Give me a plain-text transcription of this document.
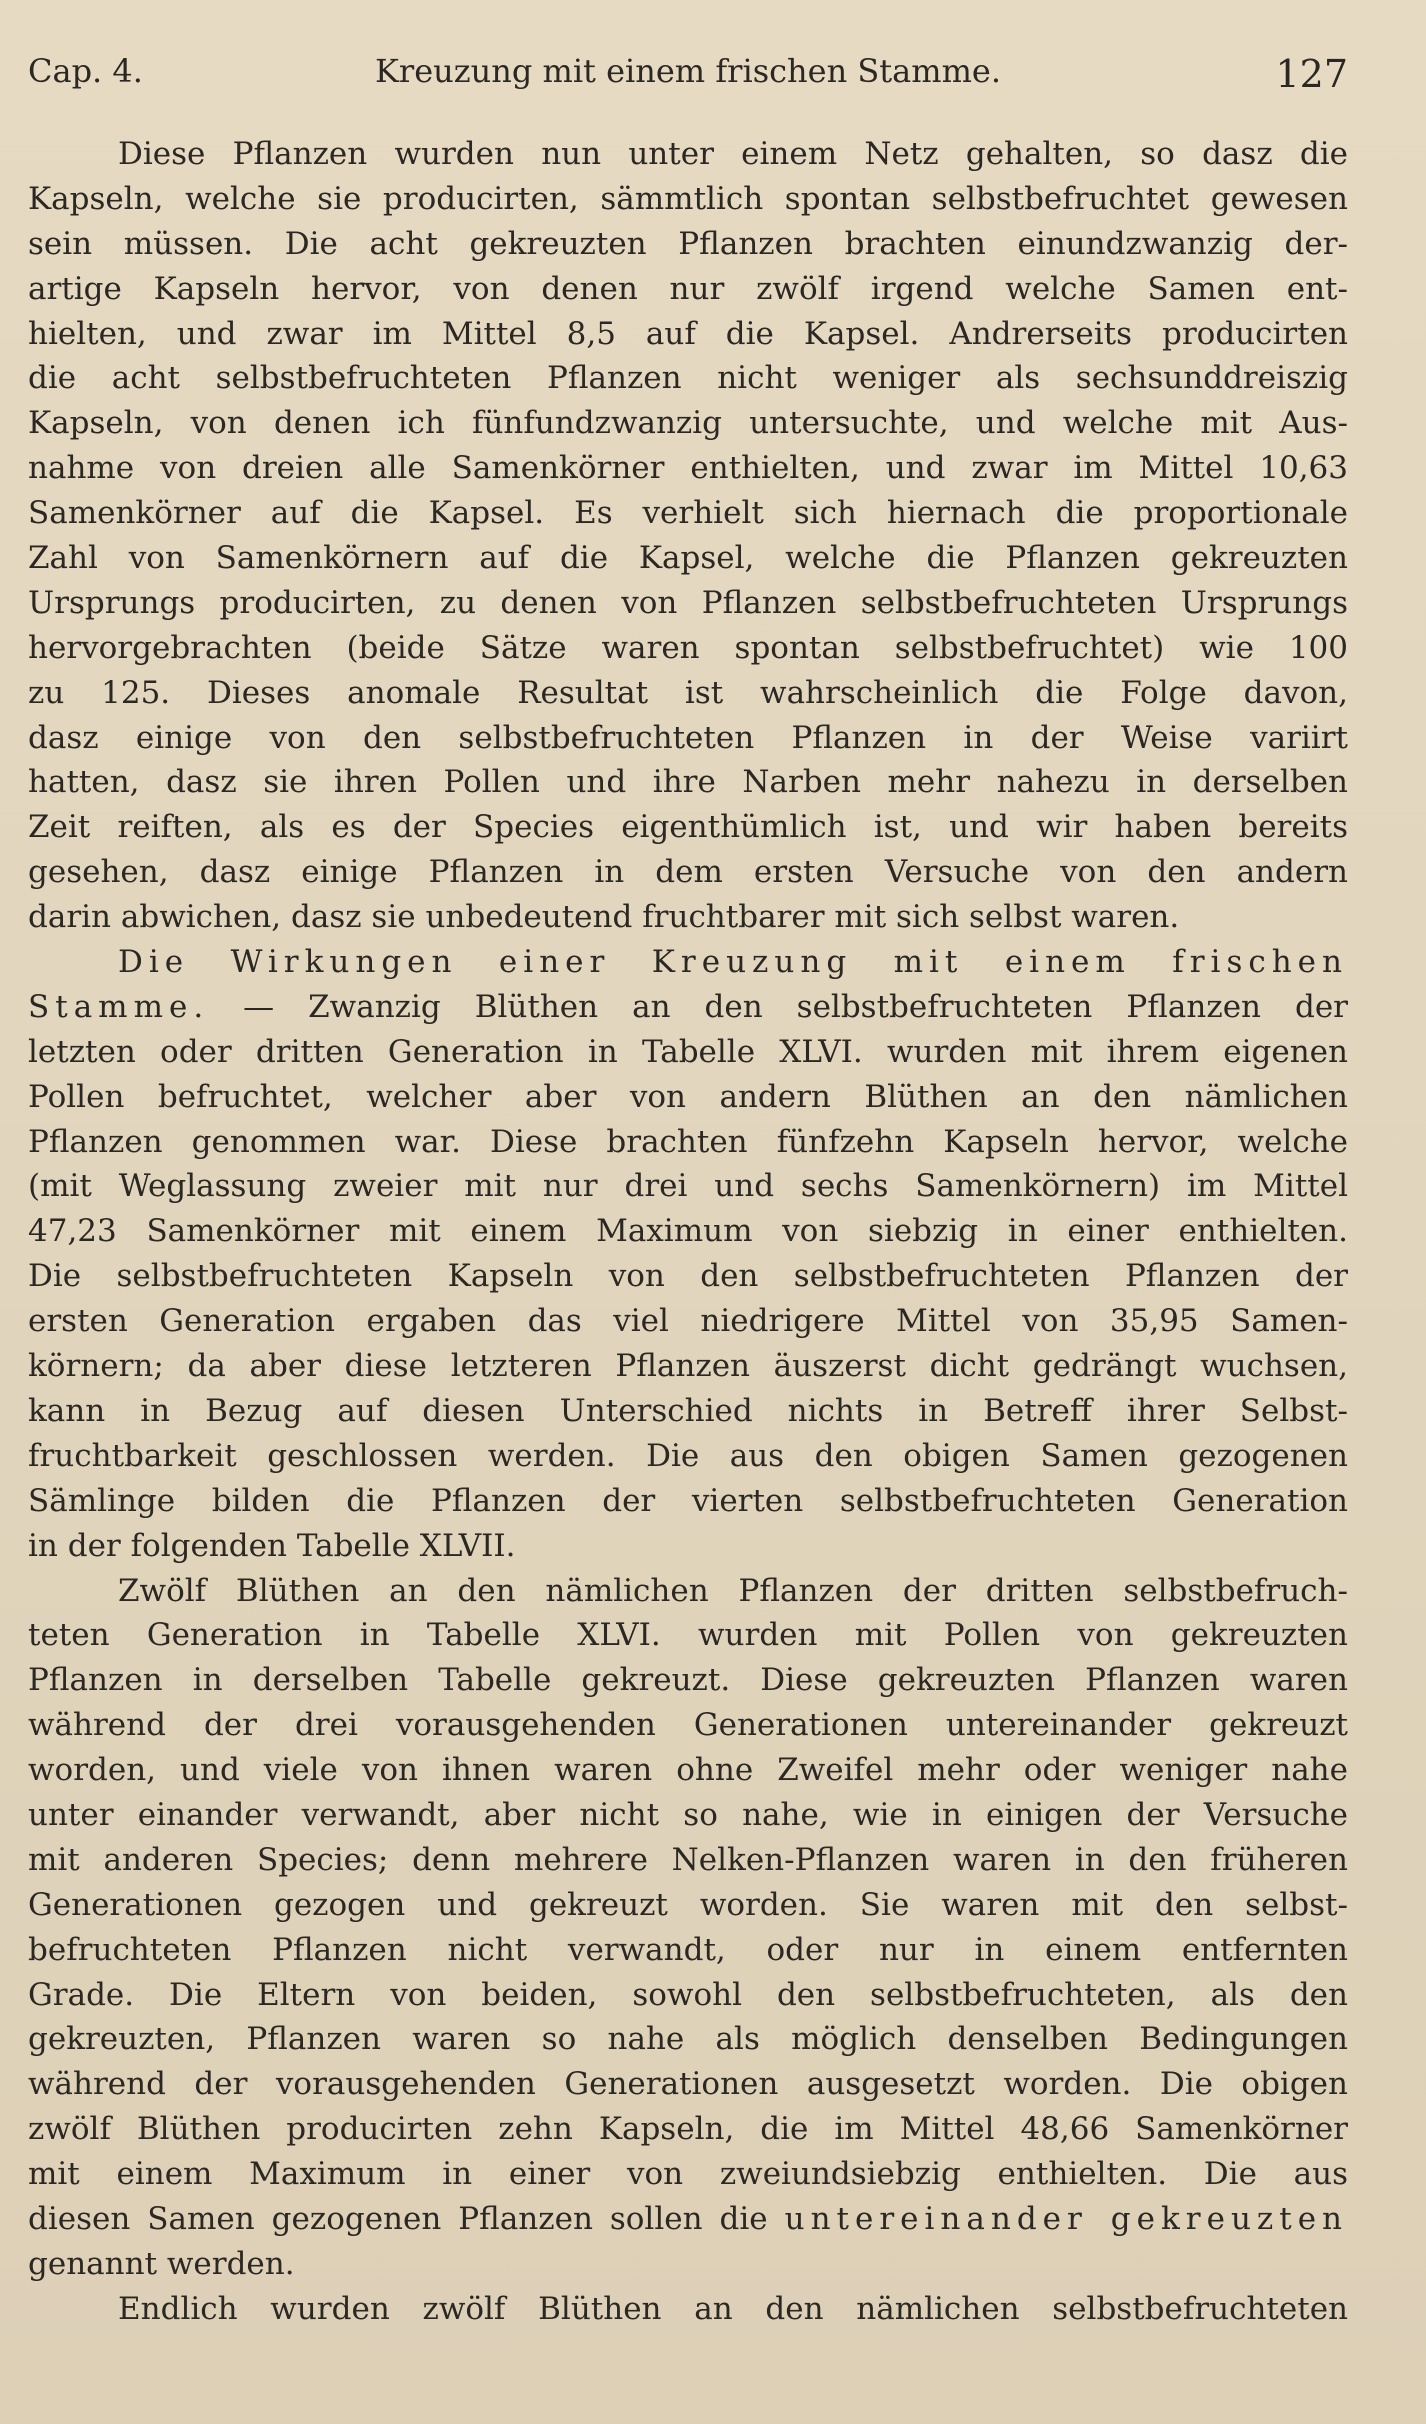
Cap. 4.	Kreuzung mit einem frischen Stamme.	127
Diese Pflanzen wurden nun unter einem Netz gehalten, so dasz die
Kapseln, welche sie producirten, sämmtlich spontan selbstbefruchtet gewesen
sein müssen. Die acht gekreuzten Pflanzen brachten einundzwanzig der-
artige Kapseln hervor, von denen nur zwölf irgend welche Samen ent-
hielten, und zwar im Mittel 8,5 auf die Kapsel. Andrerseits producirten
die acht selbstbefruchteten Pflanzen nicht weniger als sechsunddreiszig
Kapseln, von denen ich fünfundzwanzig untersuchte, und welche mit Aus-
nahme von dreien alle Samenkörner enthielten, und zwar im Mittel 10,63
Samenkörner auf die Kapsel. Es verhielt sich hiernach die proportionale
Zahl von Samenkörnern auf die Kapsel, welche die Pflanzen gekreuzten
Ursprungs producirten, zu denen von Pflanzen selbstbefruchteten Ursprungs
hervorgebrachten (beide Sätze waren spontan selbstbefruchtet) wie 100
zu 125. Dieses anomale Resultat ist wahrscheinlich die Folge davon,
dasz einige von den selbstbefruchteten Pflanzen in der Weise variirt
hatten, dasz sie ihren Pollen und ihre Narben mehr nahezu in derselben
Zeit reiften, als es der Species eigenthümlich ist, und wir haben bereits
gesehen, dasz einige Pflanzen in dem ersten Versuche von den andern
darin abwichen, dasz sie unbedeutend fruchtbarer mit sich selbst waren.
Die Wirkungen einer Kreuzung mit einem frischen
Stamme. — Zwanzig Blüthen an den selbstbefruchteten Pflanzen der
letzten oder dritten Generation in Tabelle XLVI. wurden mit ihrem eigenen
Pollen befruchtet, welcher aber von andern Blüthen an den nämlichen
Pflanzen genommen war. Diese brachten fünfzehn Kapseln hervor, welche
(mit Weglassung zweier mit nur drei und sechs Samenkörnern) im Mittel
47,23 Samenkörner mit einem Maximum von siebzig in einer enthielten.
Die selbstbefruchteten Kapseln von den selbstbefruchteten Pflanzen der
ersten Generation ergaben das viel niedrigere Mittel von 35,95 Samen-
körnern; da aber diese letzteren Pflanzen äuszerst dicht gedrängt wuchsen,
kann in Bezug auf diesen Unterschied nichts in Betreff ihrer Selbst-
fruchtbarkeit geschlossen werden. Die aus den obigen Samen gezogenen
Sämlinge bilden die Pflanzen der vierten selbstbefruchteten Generation
in der folgenden Tabelle XLVII.
Zwölf Blüthen an den nämlichen Pflanzen der dritten selbstbefruch-
teten Generation in Tabelle XLVI. wurden mit Pollen von gekreuzten
Pflanzen in derselben Tabelle gekreuzt. Diese gekreuzten Pflanzen waren
während der drei vorausgehenden Generationen untereinander gekreuzt
worden, und viele von ihnen waren ohne Zweifel mehr oder weniger nahe
unter einander verwandt, aber nicht so nahe, wie in einigen der Versuche
mit anderen Species; denn mehrere Nelken-Pflanzen waren in den früheren
Generationen gezogen und gekreuzt worden. Sie waren mit den selbst-
befruchteten Pflanzen nicht verwandt, oder nur in einem entfernten
Grade. Die Eltern von beiden, sowohl den selbstbefruchteten, als den
gekreuzten, Pflanzen waren so nahe als möglich denselben Bedingungen
während der vorausgehenden Generationen ausgesetzt worden. Die obigen
zwölf Blüthen producirten zehn Kapseln, die im Mittel 48,66 Samenkörner
mit einem Maximum in einer von zweiundsiebzig enthielten. Die aus
diesen Samen gezogenen Pflanzen sollen die untereinander gekreuzten
genannt werden.
Endlich wurden zwölf Blüthen an den nämlichen selbstbefruchteten
